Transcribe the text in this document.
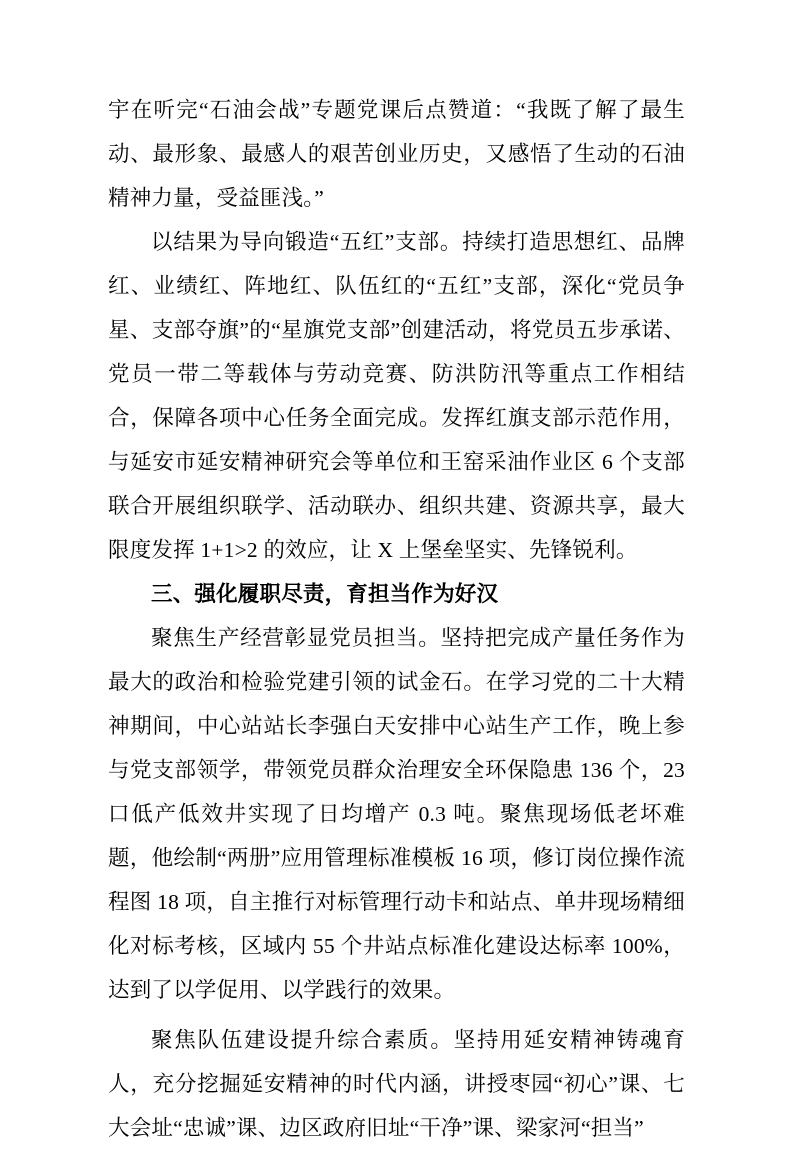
宇在听完“石油会战”专题党课后点赞道：“我既了解了最生动、最形象、最感人的艰苦创业历史，又感悟了生动的石油精神力量，受益匪浅。”

以结果为导向锻造“五红”支部。持续打造思想红、品牌红、业绩红、阵地红、队伍红的“五红”支部，深化“党员争星、支部夺旗”的“星旗党支部”创建活动，将党员五步承诺、党员一带二等载体与劳动竞赛、防洪防汛等重点工作相结合，保障各项中心任务全面完成。发挥红旗支部示范作用，与延安市延安精神研究会等单位和王窑采油作业区 6 个支部联合开展组织联学、活动联办、组织共建、资源共享，最大限度发挥 1+1>2 的效应，让 X 上堡垒坚实、先锋锐利。

三、强化履职尽责，育担当作为好汉

聚焦生产经营彰显党员担当。坚持把完成产量任务作为最大的政治和检验党建引领的试金石。在学习党的二十大精神期间，中心站站长李强白天安排中心站生产工作，晚上参与党支部领学，带领党员群众治理安全环保隐患 136 个，23 口低产低效井实现了日均增产 0.3 吨。聚焦现场低老坏难题，他绘制“两册”应用管理标准模板 16 项，修订岗位操作流程图 18 项，自主推行对标管理行动卡和站点、单井现场精细化对标考核，区域内 55 个井站点标准化建设达标率 100%，达到了以学促用、以学践行的效果。

聚焦队伍建设提升综合素质。坚持用延安精神铸魂育人，充分挖掘延安精神的时代内涵，讲授枣园“初心”课、七大会址“忠诚”课、边区政府旧址“干净”课、梁家河“担当”
